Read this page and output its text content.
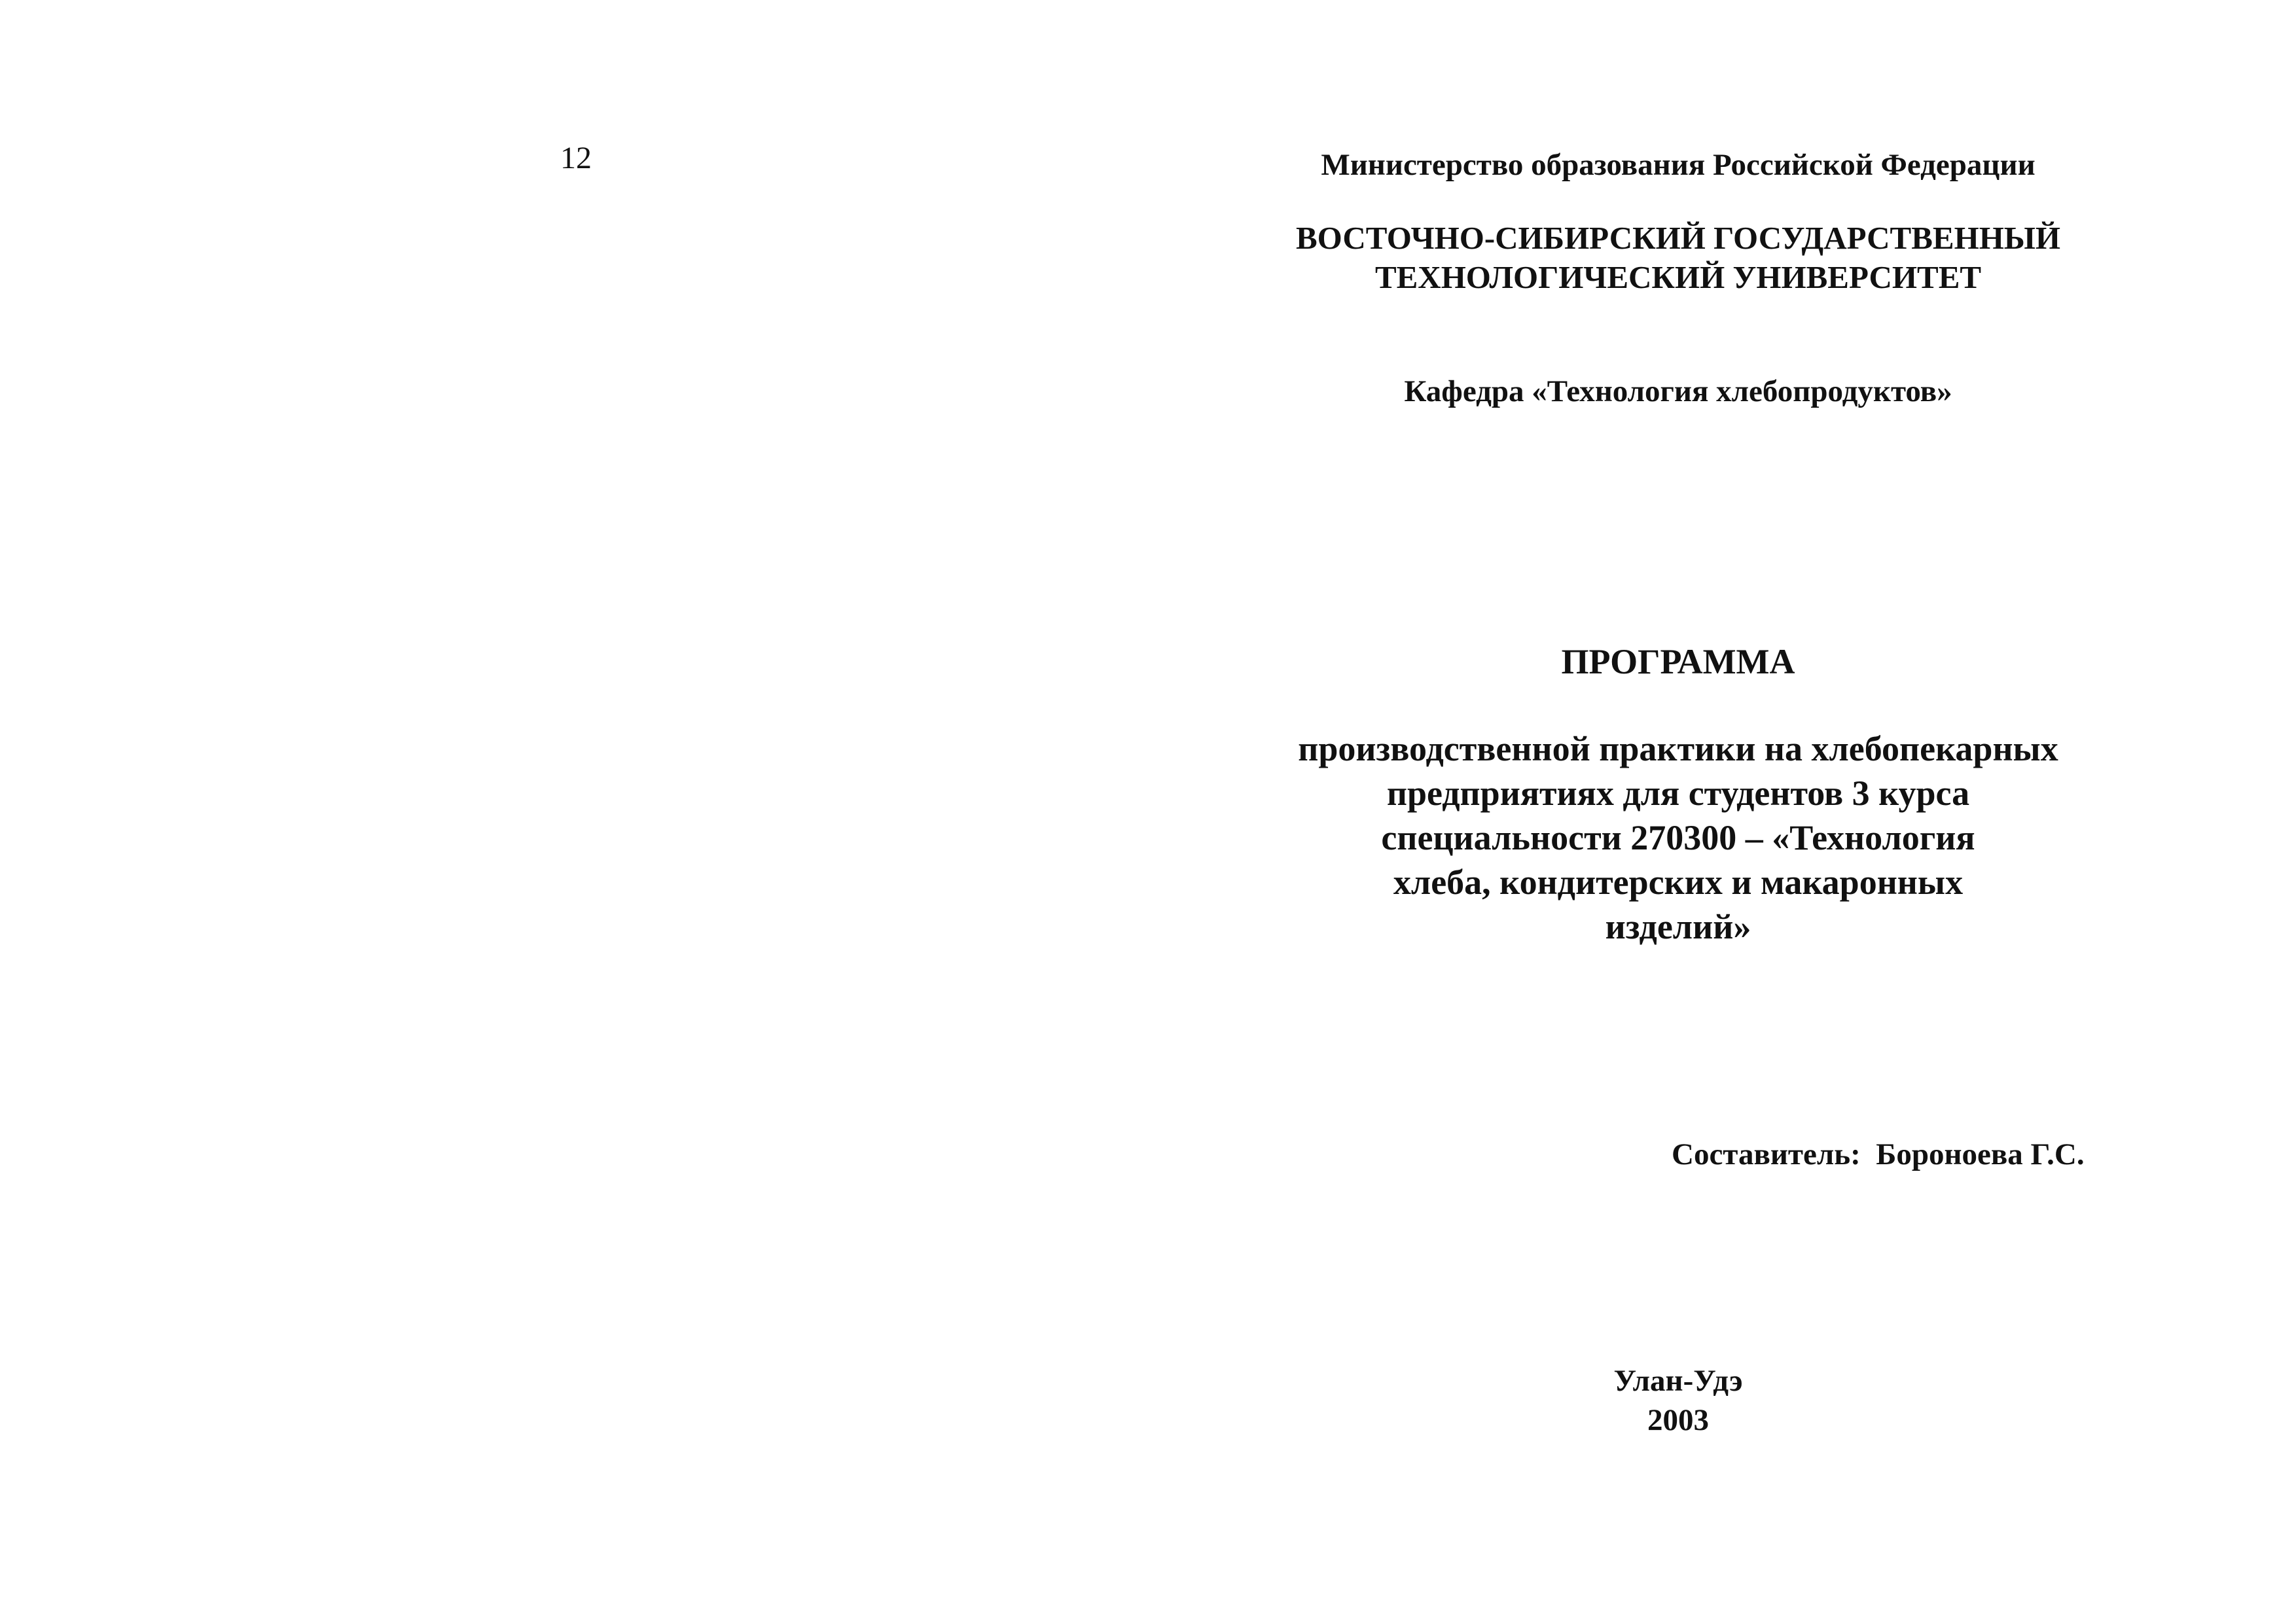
12	Министерство образования Российской Федерации
ВОСТОЧНО-СИБИРСКИЙ ГОСУДАРСТВЕННЫЙ
ТЕХНОЛОГИЧЕСКИЙ УНИВЕРСИТЕТ
Кафедра «Технология хлебопродуктов»
ПРОГРАММА
производственной практики на хлебопекарных
предприятиях для студентов 3 курса
специальности 270300 – «Технология
хлеба, кондитерских и макаронных
изделий»
Составитель:  Бороноева Г.С.
Улан-Удэ
2003
